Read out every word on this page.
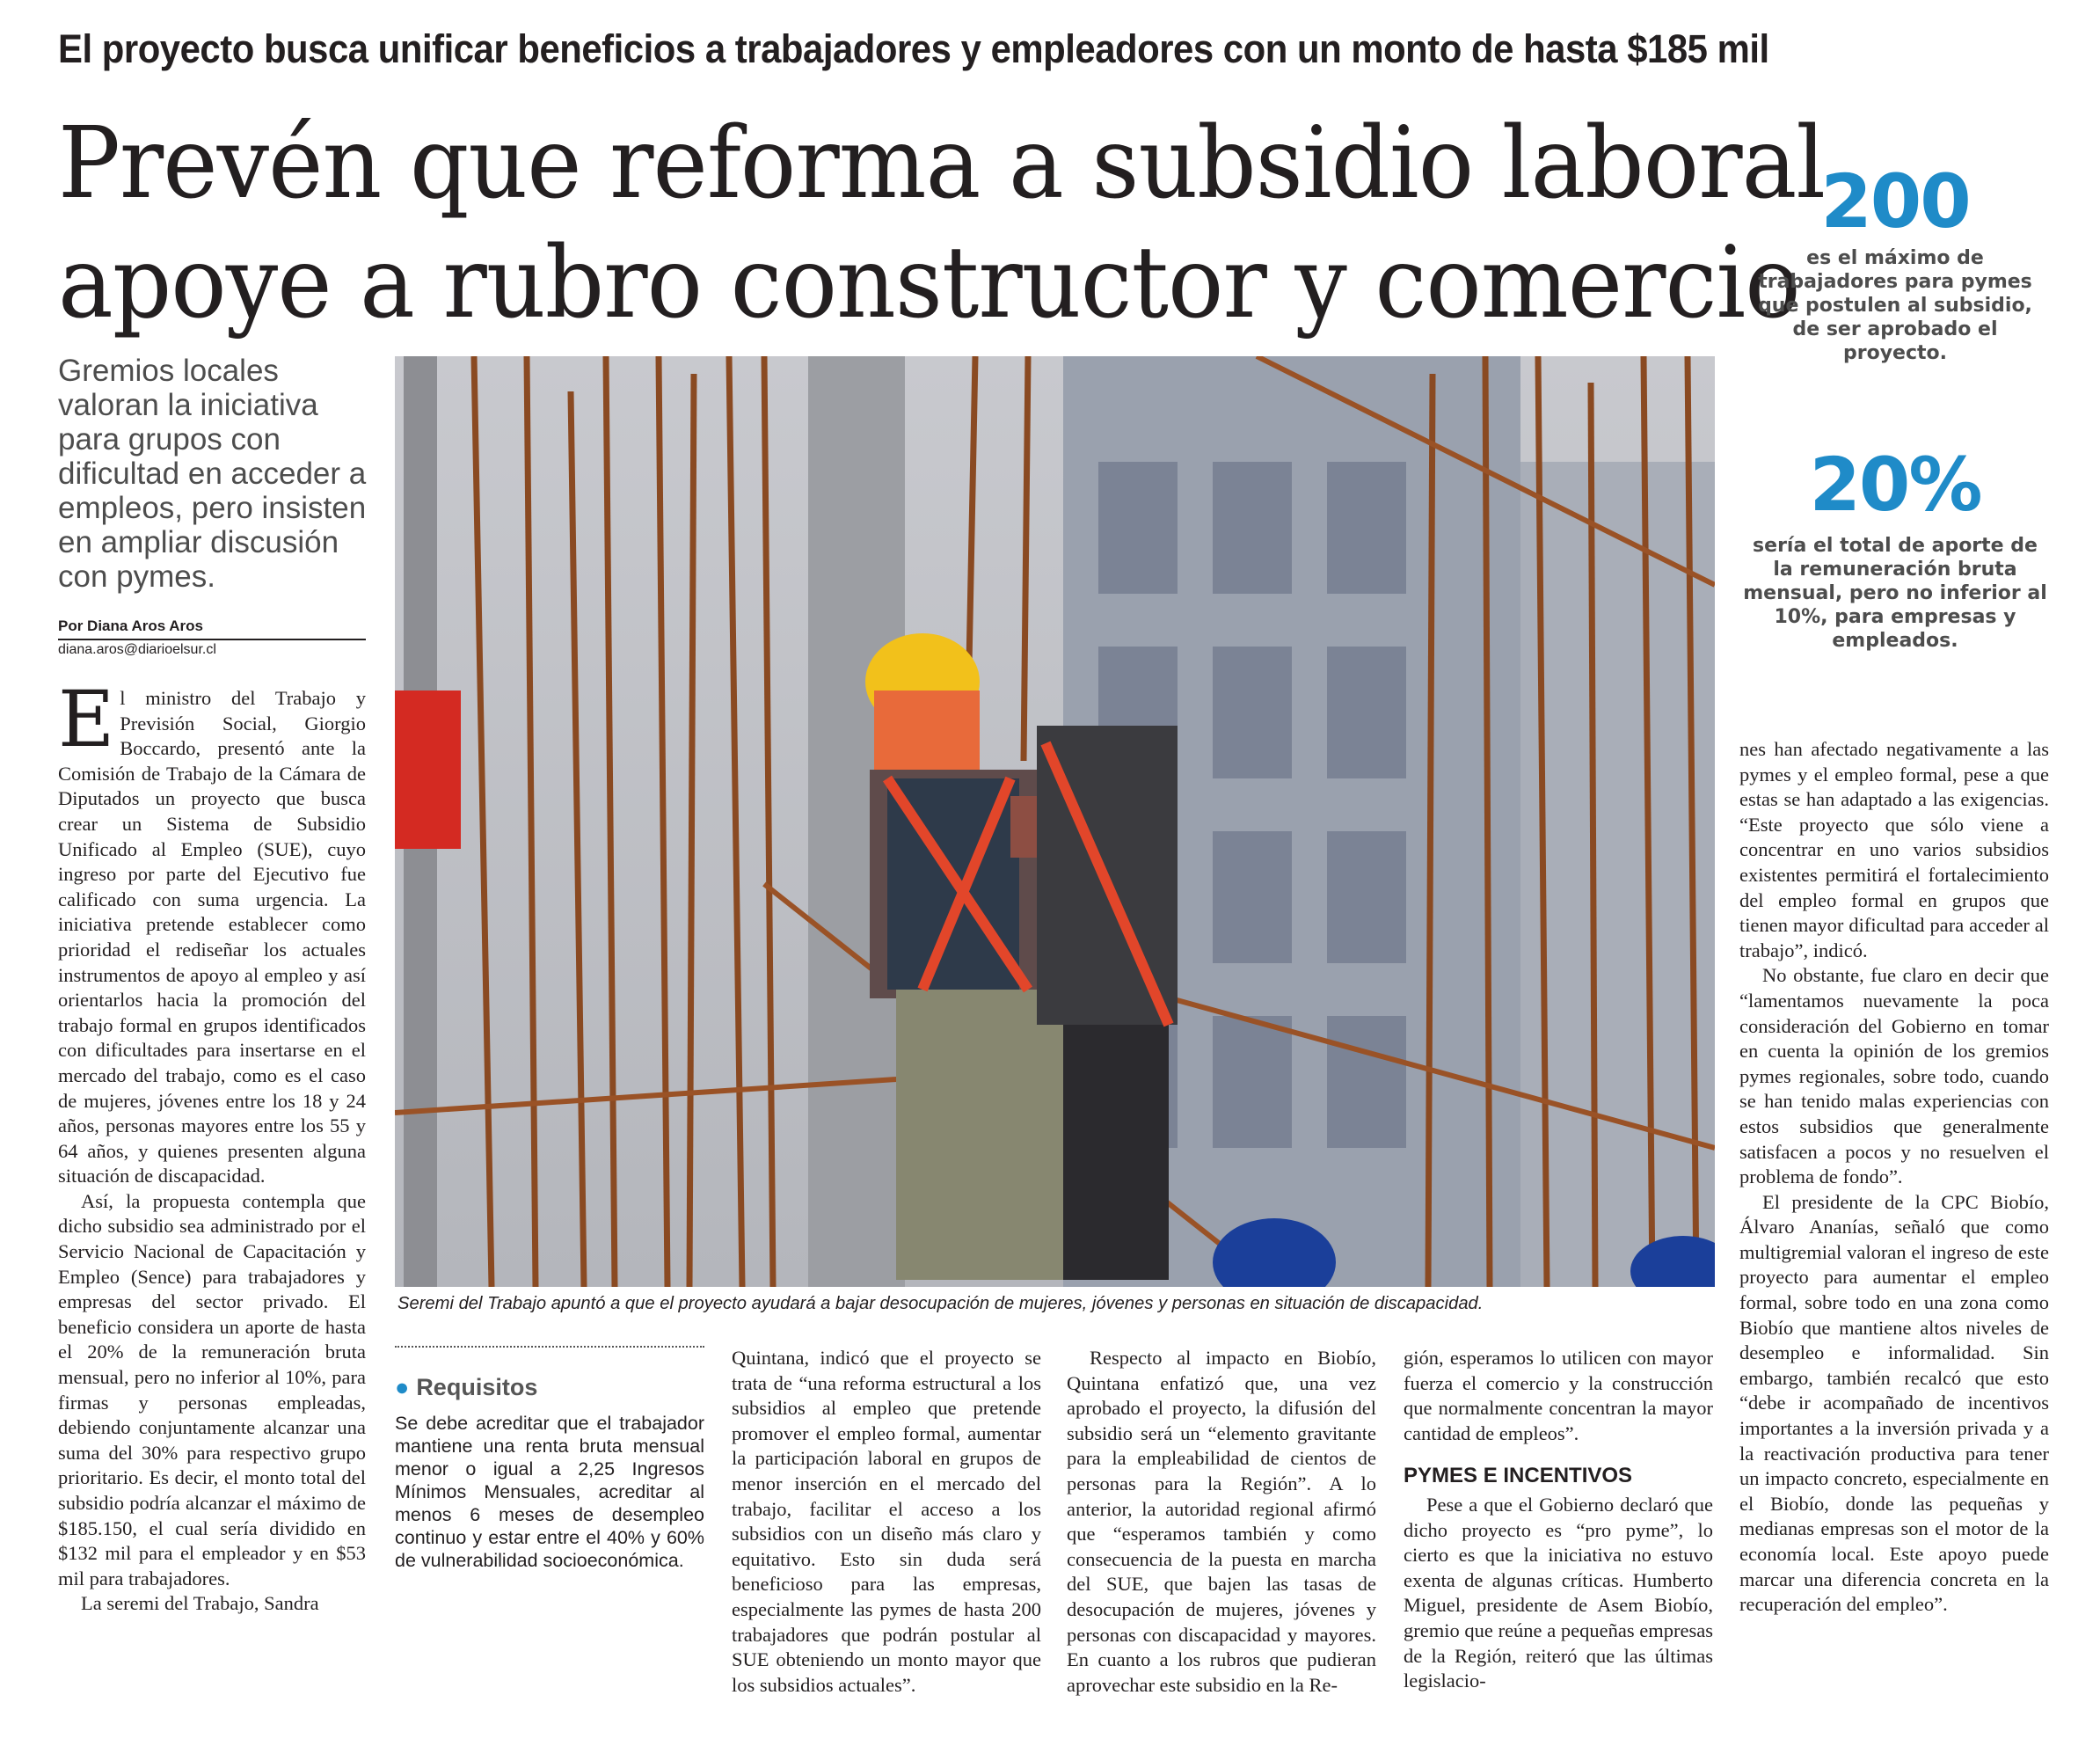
El proyecto busca unificar beneficios a trabajadores y empleadores con un monto de hasta $185 mil
Prevén que reforma a subsidio laboral
apoye a rubro constructor y comercio
Gremios locales valoran la iniciativa para grupos con dificultad en acceder a empleos, pero insisten en ampliar discusión con pymes.
Por Diana Aros Aros
diana.aros@diarioelsur.cl
200
es el máximo de trabajadores para pymes que postulen al subsidio, de ser aprobado el proyecto.
20%
sería el total de aporte de la remuneración bruta mensual, pero no inferior al 10%, para empresas y empleados.

El ministro del Trabajo y Previsión Social, Giorgio Boccardo, presentó ante la Comisión de Trabajo de la Cámara de Diputados un proyecto que busca crear un Sistema de Subsidio Unificado al Empleo (SUE), cuyo ingreso por parte del Ejecutivo fue calificado con suma urgencia. La iniciativa pretende establecer como prioridad el rediseñar los actuales instrumentos de apoyo al empleo y así orientarlos hacia la promoción del trabajo formal en grupos identificados con dificultades para insertarse en el mercado del trabajo, como es el caso de mujeres, jóvenes entre los 18 y 24 años, personas mayores entre los 55 y 64 años, y quienes presenten alguna situación de discapacidad.

Así, la propuesta contempla que dicho subsidio sea administrado por el Servicio Nacional de Capacitación y Empleo (Sence) para trabajadores y empresas del sector privado. El beneficio considera un aporte de hasta el 20% de la remuneración bruta mensual, pero no inferior al 10%, para firmas y personas empleadas, debiendo conjuntamente alcanzar una suma del 30% para respectivo grupo prioritario. Es decir, el monto total del subsidio podría alcanzar el máximo de $185.150, el cual sería dividido en $132 mil para el empleador y en $53 mil para trabajadores.

La seremi del Trabajo, Sandra

Seremi del Trabajo apuntó a que el proyecto ayudará a bajar desocupación de mujeres, jóvenes y personas en situación de discapacidad.
● Requisitos
Se debe acreditar que el trabajador mantiene una renta bruta mensual menor o igual a 2,25 Ingresos Mínimos Mensuales, acreditar al menos 6 meses de desempleo continuo y estar entre el 40% y 60% de vulnerabilidad socioeconómica.

Quintana, indicó que el proyecto se trata de “una reforma estructural a los subsidios al empleo que pretende promover el empleo formal, aumentar la participación laboral en grupos de menor inserción en el mercado del trabajo, facilitar el acceso a los subsidios con un diseño más claro y equitativo. Esto sin duda será beneficioso para las empresas, especialmente las pymes de hasta 200 trabajadores que podrán postular al SUE obteniendo un monto mayor que los subsidios actuales”.

Respecto al impacto en Biobío, Quintana enfatizó que, una vez aprobado el proyecto, la difusión del subsidio será un “elemento gravitante para la empleabilidad de cientos de personas para la Región”. A lo anterior, la autoridad regional afirmó que “esperamos también y como consecuencia de la puesta en marcha del SUE, que bajen las tasas de desocupación de mujeres, jóvenes y personas con discapacidad y mayores. En cuanto a los rubros que pudieran aprovechar este subsidio en la Re-

gión, esperamos lo utilicen con mayor fuerza el comercio y la construcción que normalmente concentran la mayor cantidad de empleos”.

PYMES E INCENTIVOS

Pese a que el Gobierno declaró que dicho proyecto es “pro pyme”, lo cierto es que la iniciativa no estuvo exenta de algunas críticas. Humberto Miguel, presidente de Asem Biobío, gremio que reúne a pequeñas empresas de la Región, reiteró que las últimas legislacio-

nes han afectado negativamente a las pymes y el empleo formal, pese a que estas se han adaptado a las exigencias. “Este proyecto que sólo viene a concentrar en uno varios subsidios existentes permitirá el fortalecimiento del empleo formal en grupos que tienen mayor dificultad para acceder al trabajo”, indicó.

No obstante, fue claro en decir que “lamentamos nuevamente la poca consideración del Gobierno en tomar en cuenta la opinión de los gremios pymes regionales, sobre todo, cuando se han tenido malas experiencias con estos subsidios que generalmente satisfacen a pocos y no resuelven el problema de fondo”.

El presidente de la CPC Biobío, Álvaro Ananías, señaló que como multigremial valoran el ingreso de este proyecto para aumentar el empleo formal, sobre todo en una zona como Biobío que mantiene altos niveles de desempleo e informalidad. Sin embargo, también recalcó que esto “debe ir acompañado de incentivos importantes a la inversión privada y a la reactivación productiva para tener un impacto concreto, especialmente en el Biobío, donde las pequeñas y medianas empresas son el motor de la economía local. Este apoyo puede marcar una diferencia concreta en la recuperación del empleo”.
